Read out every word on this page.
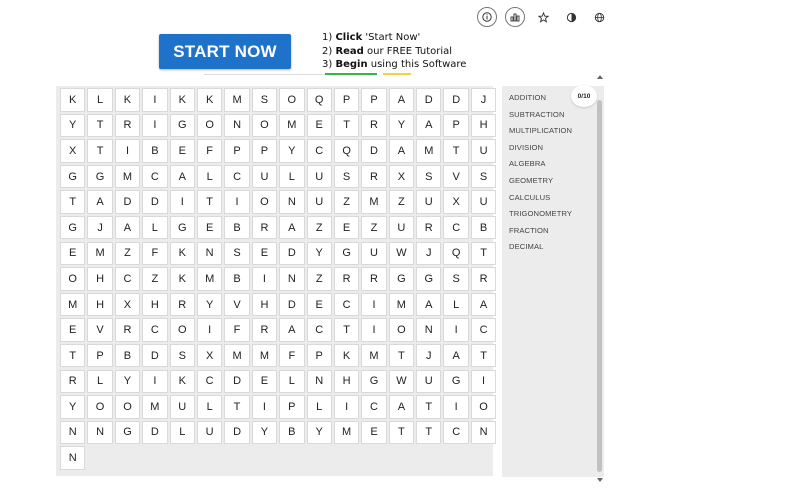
START NOW
1) Click 'Start Now'
2) Read our FREE Tutorial
3) Begin using this Software
K	L	K	I	K	K	M	S	O	Q	P	P	A	D	D	J
Y	T	R	I	G	O	N	O	M	E	T	R	Y	A	P	H
X	T	I	B	E	F	P	P	Y	C	Q	D	A	M	T	U
G	G	M	C	A	L	C	U	L	U	S	R	X	S	V	S
T	A	D	D	I	T	I	O	N	U	Z	M	Z	U	X	U
G	J	A	L	G	E	B	R	A	Z	E	Z	U	R	C	B
E	M	Z	F	K	N	S	E	D	Y	G	U	W	J	Q	T
O	H	C	Z	K	M	B	I	N	Z	R	R	G	G	S	R
M	H	X	H	R	Y	V	H	D	E	C	I	M	A	L	A
E	V	R	C	O	I	F	R	A	C	T	I	O	N	I	C
T	P	B	D	S	X	M	M	F	P	K	M	T	J	A	T
R	L	Y	I	K	C	D	E	L	N	H	G	W	U	G	I
Y	O	O	M	U	L	T	I	P	L	I	C	A	T	I	O
N	N	G	D	L	U	D	Y	B	Y	M	E	T	T	C	N
N
ADDITION
SUBTRACTION
MULTIPLICATION
DIVISION
ALGEBRA
GEOMETRY
CALCULUS
TRIGONOMETRY
FRACTION
DECIMAL
0/10
